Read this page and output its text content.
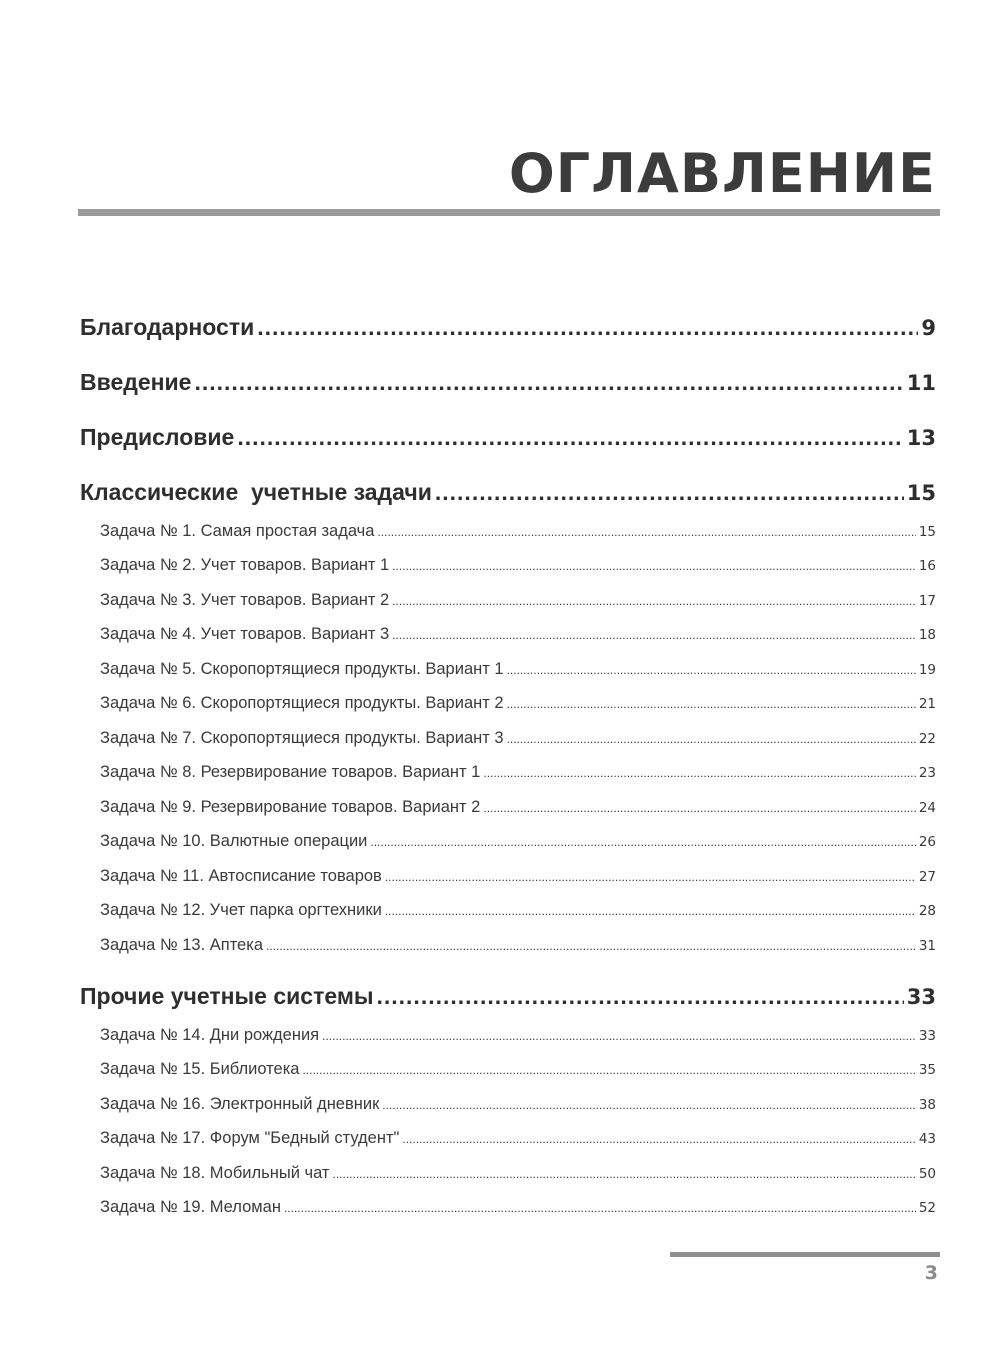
ОГЛАВЛЕНИЕ
Благодарности .....	9
Введение .....	11
Предисловие .....	13
Классические  учетные задачи .....	15
Задача № 1. Самая простая задача .....	15
Задача № 2. Учет товаров. Вариант 1 .....	16
Задача № 3. Учет товаров. Вариант 2 .....	17
Задача № 4. Учет товаров. Вариант 3 .....	18
Задача № 5. Скоропортящиеся продукты. Вариант 1 .....	19
Задача № 6. Скоропортящиеся продукты. Вариант 2 .....	21
Задача № 7. Скоропортящиеся продукты. Вариант 3 .....	22
Задача № 8. Резервирование товаров. Вариант 1 .....	23
Задача № 9. Резервирование товаров. Вариант 2 .....	24
Задача № 10. Валютные операции .....	26
Задача № 11. Автосписание товаров .....	27
Задача № 12. Учет парка оргтехники .....	28
Задача № 13. Аптека .....	31
Прочие учетные системы .....	33
Задача № 14. Дни рождения .....	33
Задача № 15. Библиотека .....	35
Задача № 16. Электронный дневник .....	38
Задача № 17. Форум "Бедный студент" .....	43
Задача № 18. Мобильный чат .....	50
Задача № 19. Меломан .....	52
3
